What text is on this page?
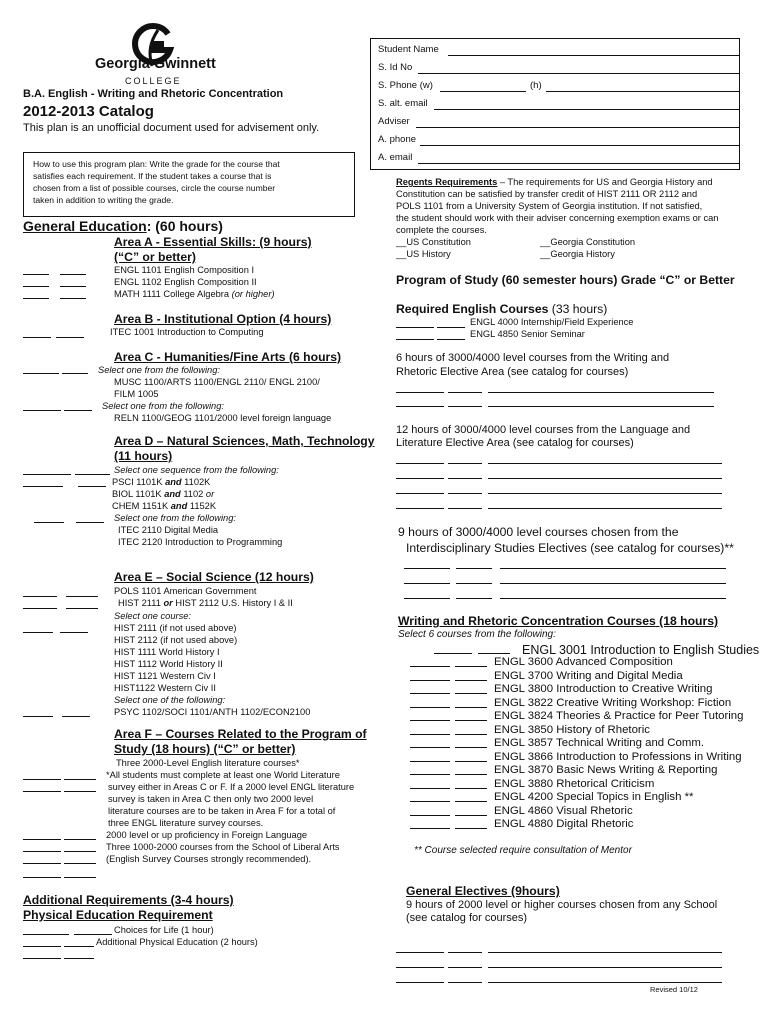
Georgia Gwinnett
COLLEGE
B.A. English - Writing and Rhetoric Concentration
2012-2013 Catalog
This plan is an unofficial document used for advisement only.
How to use this program plan: Write the grade for the course that
satisfies each requirement. If the student takes a course that is
chosen from a list of possible courses, circle the course number
taken in addition to writing the grade.
Student Name
S. Id No
S. Phone (w)	(h)
S. alt. email
Adviser
A. phone
A. email
General Education: (60 hours)
Area A - Essential Skills: (9 hours)
(“C” or better)
ENGL 1101 English Composition I
ENGL 1102 English Composition II
MATH 1111 College Algebra (or higher)
Area B - Institutional Option (4 hours)
ITEC 1001 Introduction to Computing
Area C - Humanities/Fine Arts (6 hours)
Select one from the following:
MUSC 1100/ARTS 1100/ENGL 2110/ ENGL 2100/
FILM 1005
Select one from the following:
RELN 1100/GEOG 1101/2000 level foreign language
Area D – Natural Sciences, Math, Technology
(11 hours)
Select one sequence from the following:
PSCI 1101K and 1102K
BIOL 1101K and 1102 or
CHEM 1151K and 1152K
Select one from the following:
ITEC 2110 Digital Media
ITEC 2120 Introduction to Programming
Area E – Social Science (12 hours)
POLS 1101 American Government
HIST 2111 or HIST 2112 U.S. History I & II
Select one course:
HIST 2111 (if not used above)
HIST 2112 (if not used above)
HIST 1111 World History I
HIST 1112 World History II
HIST 1121 Western Civ I
HIST1122 Western Civ II
Select one of the following:
PSYC 1102/SOCI 1101/ANTH 1102/ECON2100
Area F – Courses Related to the Program of
Study (18 hours) (“C” or better)
Three 2000-Level English literature courses*
*All students must complete at least one World Literature
survey either in Areas C or F. If a 2000 level ENGL literature
survey is taken in Area C then only two 2000 level
literature courses are to be taken in Area F for a total of
three ENGL literature survey courses.
2000 level or up proficiency in Foreign Language
Three 1000-2000 courses from the School of Liberal Arts
(English Survey Courses strongly recommended).
Additional Requirements (3-4 hours)
Physical Education Requirement
Choices for Life (1 hour)
Additional Physical Education (2 hours)
Regents Requirements – The requirements for US and Georgia History and
Constitution can be satisfied by transfer credit of HIST 2111 OR 2112 and
POLS 1101 from a University System of Georgia institution. If not satisfied,
the student should work with their adviser concerning exemption exams or can
complete the courses.
__US Constitution	__Georgia Constitution
__US History	__Georgia History
Program of Study (60 semester hours) Grade “C” or Better
Required English Courses (33 hours)
ENGL 4000 Internship/Field Experience
ENGL 4850 Senior Seminar
6 hours of 3000/4000 level courses from the Writing and
Rhetoric Elective Area (see catalog for courses)
12 hours of 3000/4000 level courses from the Language and
Literature Elective Area (see catalog for courses)
9 hours of 3000/4000 level courses chosen from the
Interdisciplinary Studies Electives (see catalog for courses)**
Writing and Rhetoric Concentration Courses (18 hours)
Select 6 courses from the following:
ENGL 3001 Introduction to English Studies
ENGL 3600 Advanced Composition
ENGL 3700 Writing and Digital Media
ENGL 3800 Introduction to Creative Writing
ENGL 3822 Creative Writing Workshop: Fiction
ENGL 3824 Theories & Practice for Peer Tutoring
ENGL 3850 History of Rhetoric
ENGL 3857 Technical Writing and Comm.
ENGL 3866 Introduction to Professions in Writing
ENGL 3870 Basic News Writing & Reporting
ENGL 3880 Rhetorical Criticism
ENGL 4200 Special Topics in English **
ENGL 4860 Visual Rhetoric
ENGL 4880 Digital Rhetoric
** Course selected require consultation of Mentor
General Electives (9hours)
9 hours of 2000 level or higher courses chosen from any School
(see catalog for courses)
Revised 10/12
